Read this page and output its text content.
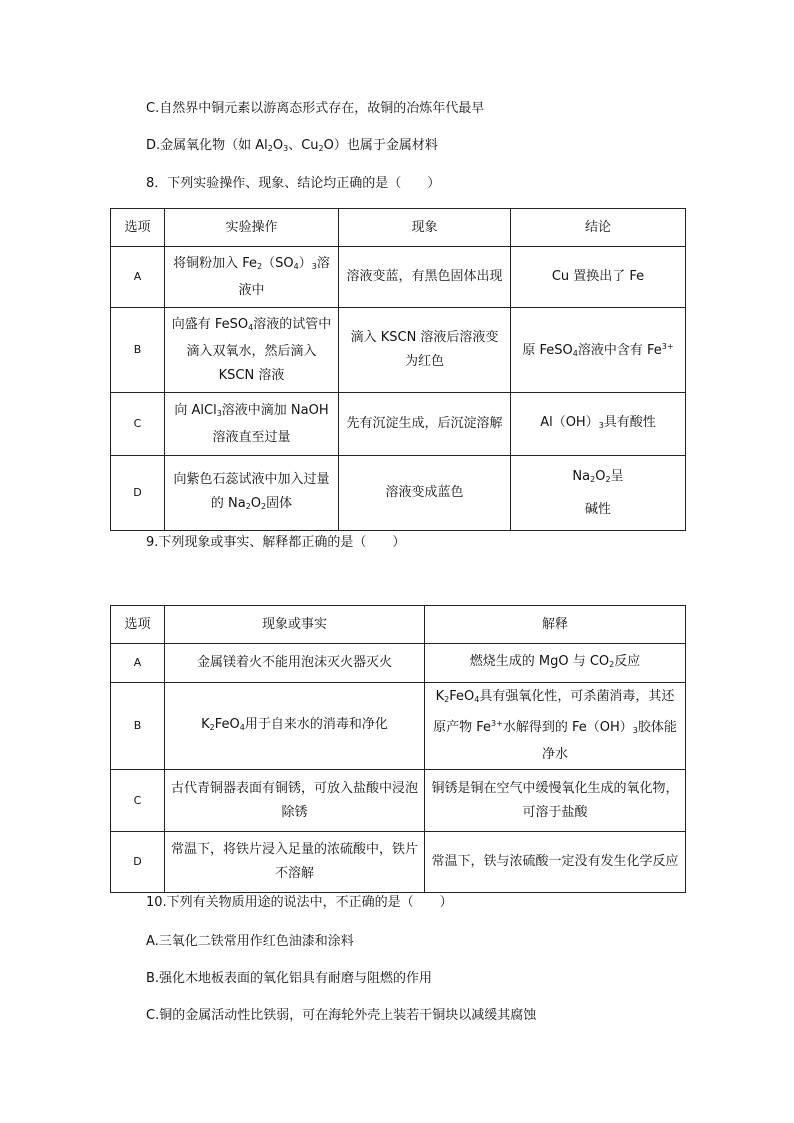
C.自然界中铜元素以游离态形式存在，故铜的冶炼年代最早
D.金属氧化物（如 $Al_2O_3$、$Cu_2O$）也属于金属材料
8．下列实验操作、现象、结论均正确的是（　　）
选项	实验操作	现象	结论
A	将铜粉加入 $Fe_2(SO_4)_3$溶液中	溶液变蓝，有黑色固体出现	Cu 置换出了 Fe
B	向盛有 FeSO$_4$溶液的试管中滴入双氧水，然后滴入 KSCN 溶液	滴入 KSCN 溶液后溶液变为红色	原 FeSO$_4$溶液中含有 $Fe^{3+}$
C	向 AlCl$_3$溶液中滴加 NaOH 溶液直至过量	先有沉淀生成，后沉淀溶解	$Al(OH)_3$具有酸性
D	向紫色石蕊试液中加入过量的 $Na_2O_2$固体	溶液变成蓝色	$Na_2O_2$呈
碱性
9.下列现象或事实、解释都正确的是（　　）
选项	现象或事实	解释
A	金属镁着火不能用泡沫灭火器灭火	燃烧生成的 MgO 与 $CO_2$反应
B	$K_2FeO_4$用于自来水的消毒和净化	$K_2FeO_4$具有强氧化性，可杀菌消毒，其还原产物 $Fe^{3+}$水解得到的 $Fe(OH)_3$胶体能净水
C	古代青铜器表面有铜锈，可放入盐酸中浸泡除锈	铜锈是铜在空气中缓慢氧化生成的氧化物，可溶于盐酸
D	常温下，将铁片浸入足量的浓硫酸中，铁片不溶解	常温下，铁与浓硫酸一定没有发生化学反应
10.下列有关物质用途的说法中，不正确的是（　　）
A.三氧化二铁常用作红色油漆和涂料
B.强化木地板表面的氧化铝具有耐磨与阻燃的作用
C.铜的金属活动性比铁弱，可在海轮外壳上装若干铜块以减缓其腐蚀
